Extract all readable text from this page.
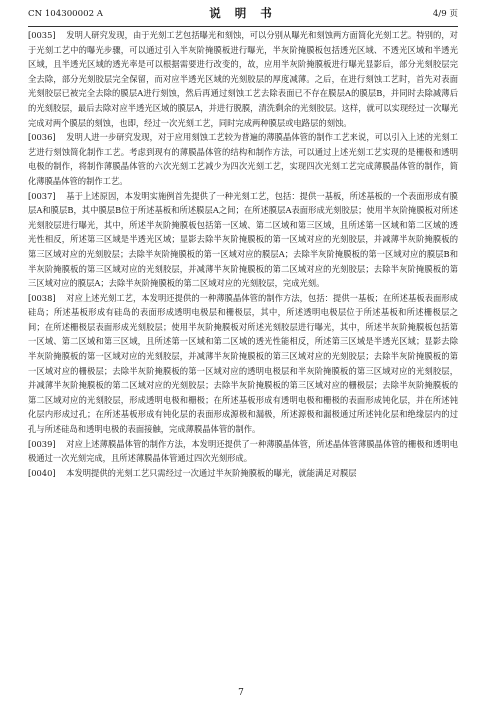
CN 104300002 A	说 明 书	4/9 页

[0035] 发明人研究发现，由于光刻工艺包括曝光和刻蚀，可以分别从曝光和刻蚀两方面简化光刻工艺。特别的，对于光刻工艺中的曝光步骤，可以通过引入半灰阶掩膜板进行曝光，半灰阶掩膜板包括透光区域、不透光区域和半透光区域，且半透光区域的透光率是可以根据需要进行改变的，故，应用半灰阶掩膜板进行曝光显影后，部分光刻胶层完全去除，部分光刻胶层完全保留，而对应半透光区域的光刻胶层的厚度减薄。之后，在进行刻蚀工艺时，首先对表面光刻胶层已被完全去除的膜层A进行刻蚀，然后再通过刻蚀工艺去除表面已不存在膜层A的膜层B，并同时去除减薄后的光刻胶层，最后去除对应半透光区域的膜层A，并进行脱膜，清洗剩余的光刻胶层。这样，就可以实现经过一次曝光完成对两个膜层的刻蚀，也即，经过一次光刻工艺，同时完成两种膜层或电路层的刻蚀。

[0036] 发明人进一步研究发现，对于应用刻蚀工艺较为普遍的薄膜晶体管的制作工艺来说，可以引入上述的光刻工艺进行刻蚀简化制作工艺。考虑到现有的薄膜晶体管的结构和制作方法，可以通过上述光刻工艺实现的是栅极和透明电极的制作，将制作薄膜晶体管的六次光刻工艺减少为四次光刻工艺，实现四次光刻工艺完成薄膜晶体管的制作，简化薄膜晶体管的制作工艺。

[0037] 基于上述原因，本发明实施例首先提供了一种光刻工艺，包括：提供一基板，所述基板的一个表面形成有膜层A和膜层B，其中膜层B位于所述基板和所述膜层A之间；在所述膜层A表面形成光刻胶层；使用半灰阶掩膜板对所述光刻胶层进行曝光，其中，所述半灰阶掩膜板包括第一区域、第二区域和第三区域，且所述第一区域和第二区域的透光性相反，所述第三区域是半透光区域；显影去除半灰阶掩膜板的第一区域对应的光刻胶层，并减薄半灰阶掩膜板的第三区域对应的光刻胶层；去除半灰阶掩膜板的第一区域对应的膜层A；去除半灰阶掩膜板的第一区域对应的膜层B和半灰阶掩膜板的第三区域对应的光刻胶层，并减薄半灰阶掩膜板的第二区域对应的光刻胶层；去除半灰阶掩膜板的第三区域对应的膜层A；去除半灰阶掩膜板的第二区域对应的光刻胶层，完成光刻。

[0038] 对应上述光刻工艺，本发明还提供的一种薄膜晶体管的制作方法，包括：提供一基板；在所述基板表面形成硅岛；所述基板形成有硅岛的表面形成透明电极层和栅极层，其中，所述透明电极层位于所述基板和所述栅极层之间；在所述栅极层表面形成光刻胶层；使用半灰阶掩膜板对所述光刻胶层进行曝光，其中，所述半灰阶掩膜板包括第一区域、第二区域和第三区域，且所述第一区域和第二区域的透光性能相反，所述第三区域是半透光区域；显影去除半灰阶掩膜板的第一区域对应的光刻胶层，并减薄半灰阶掩膜板的第三区域对应的光刻胶层；去除半灰阶掩膜板的第一区域对应的栅极层；去除半灰阶掩膜板的第一区域对应的透明电极层和半灰阶掩膜板的第三区域对应的光刻胶层，并减薄半灰阶掩膜板的第二区域对应的光刻胶层；去除半灰阶掩膜板的第三区域对应的栅极层；去除半灰阶掩膜板的第二区域对应的光刻胶层，形成透明电极和栅极；在所述基板形成有透明电极和栅极的表面形成钝化层，并在所述钝化层内形成过孔；在所述基板形成有钝化层的表面形成源极和漏极，所述源极和漏极通过所述钝化层和绝缘层内的过孔与所述硅岛和透明电极的表面接触，完成薄膜晶体管的制作。

[0039] 对应上述薄膜晶体管的制作方法，本发明还提供了一种薄膜晶体管，所述晶体管薄膜晶体管的栅极和透明电极通过一次光刻完成，且所述薄膜晶体管通过四次光刻形成。

[0040] 本发明提供的光刻工艺只需经过一次通过半灰阶掩膜板的曝光，就能满足对膜层

7
